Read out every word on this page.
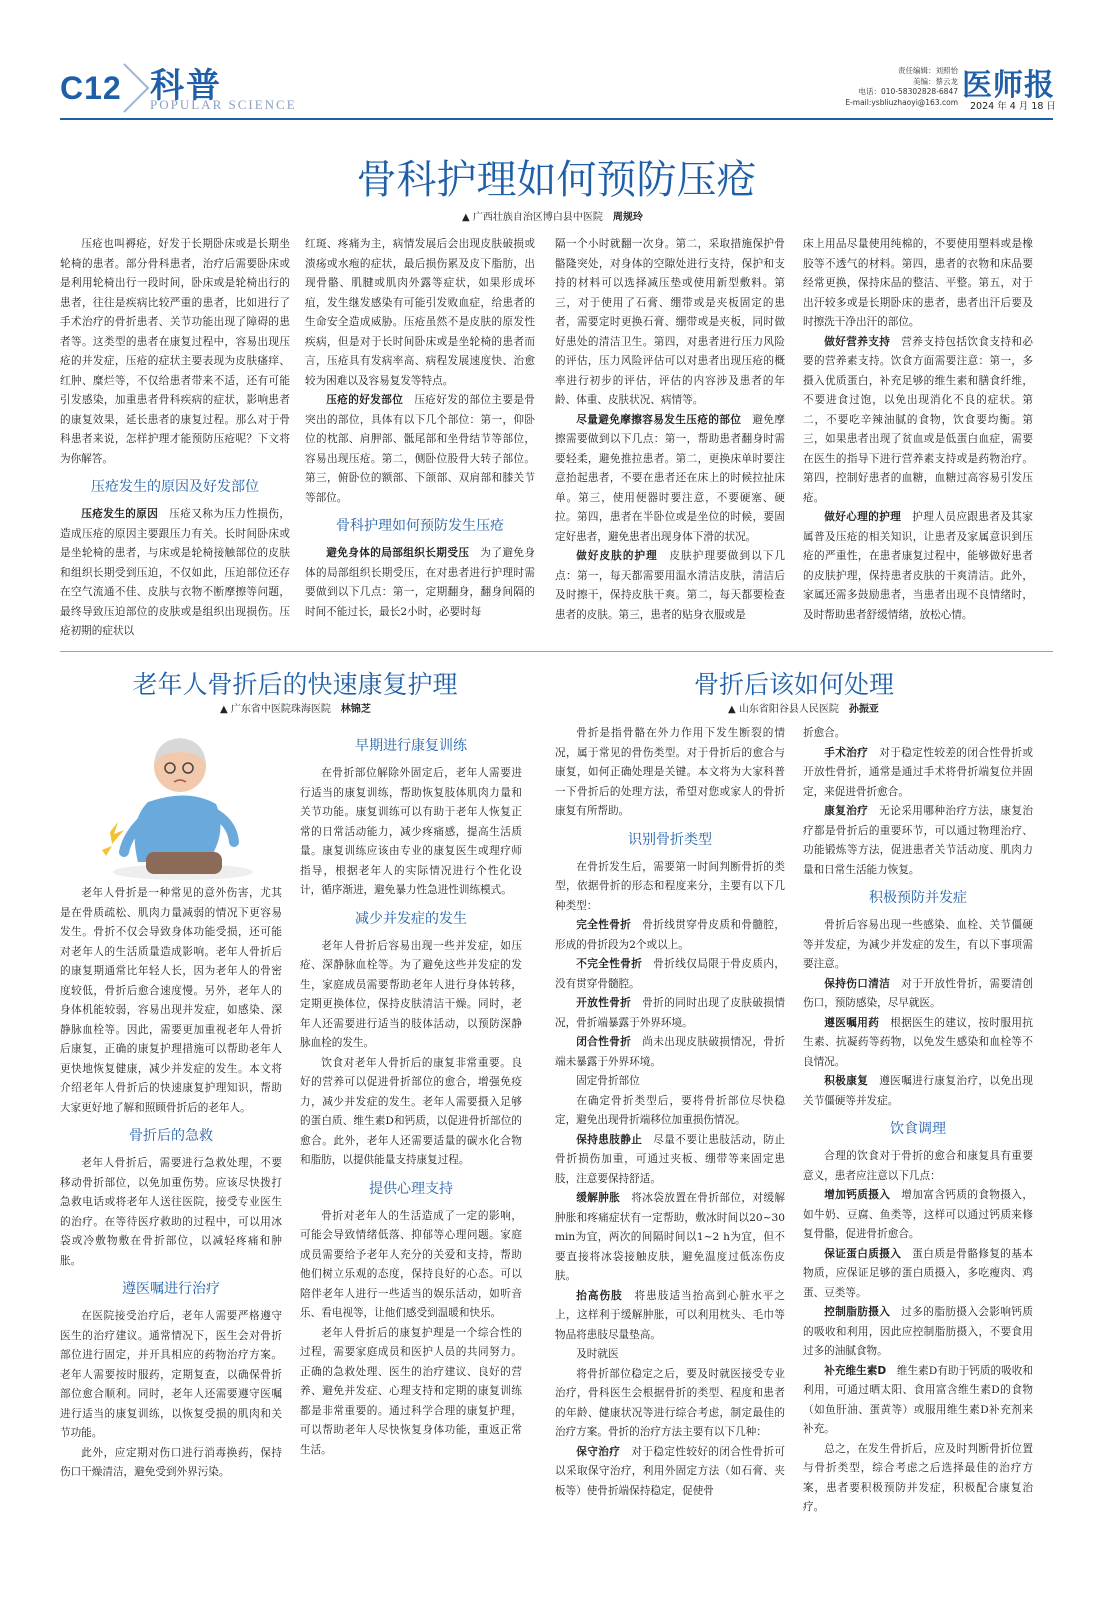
C12 科普
POPULAR SCIENCE
责任编辑：刘照怡
美编：蔡云龙
电话：010-58302828-6847
E-mail:ysbliuzhaoyi@163.com 医师报
2024 年 4 月 18 日
骨科护理如何预防压疮
▲ 广西壮族自治区博白县中医院　 周规玲

压疮也叫褥疮，好发于长期卧床或是长期坐轮椅的患者。部分骨科患者，治疗后需要卧床或是利用轮椅出行一段时间，卧床或是轮椅出行的患者，往往是疾病比较严重的患者，比如进行了手术治疗的骨折患者、关节功能出现了障碍的患者等。这类型的患者在康复过程中，容易出现压疮的并发症，压疮的症状主要表现为皮肤瘙痒、红肿、糜烂等，不仅给患者带来不适，还有可能引发感染，加重患者骨科疾病的症状，影响患者的康复效果，延长患者的康复过程。那么对于骨科患者来说，怎样护理才能预防压疮呢？下文将为你解答。

压疮发生的原因及好发部位

压疮发生的原因　 压疮又称为压力性损伤，造成压疮的原因主要跟压力有关。长时间卧床或是坐轮椅的患者，与床或是轮椅接触部位的皮肤和组织长期受到压迫，不仅如此，压迫部位还存在空气流通不佳、皮肤与衣物不断摩擦等问题，最终导致压迫部位的皮肤或是组织出现损伤。压疮初期的症状以

红斑、疼痛为主，病情发展后会出现皮肤破损或溃疡或水疱的症状，最后损伤累及皮下脂肪，出现骨骼、肌腱或肌肉外露等症状，如果形成坏疽，发生继发感染有可能引发败血症，给患者的生命安全造成威胁。压疮虽然不是皮肤的原发性疾病，但是对于长时间卧床或是坐轮椅的患者而言，压疮具有发病率高、病程发展速度快、治愈较为困难以及容易复发等特点。

压疮的好发部位　 压疮好发的部位主要是骨突出的部位，具体有以下几个部位：第一，仰卧位的枕部、肩胛部、骶尾部和坐骨结节等部位，容易出现压疮。第二，侧卧位股骨大转子部位。第三，俯卧位的额部、下颌部、双肩部和膝关节等部位。

骨科护理如何预防发生压疮

避免身体的局部组织长期受压　 为了避免身体的局部组织长期受压，在对患者进行护理时需要做到以下几点：第一，定期翻身，翻身间隔的时间不能过长，最长2小时，必要时每

隔一个小时就翻一次身。第二，采取措施保护骨骼隆突处，对身体的空隙处进行支持，保护和支持的材料可以选择减压垫或使用新型敷料。第三，对于使用了石膏、绷带或是夹板固定的患者，需要定时更换石膏、绷带或是夹板，同时做好患处的清洁卫生。第四，对患者进行压力风险的评估，压力风险评估可以对患者出现压疮的概率进行初步的评估，评估的内容涉及患者的年龄、体重、皮肤状况、病情等。

尽量避免摩擦容易发生压疮的部位　 避免摩擦需要做到以下几点：第一，帮助患者翻身时需要轻柔，避免推拉患者。第二，更换床单时要注意抬起患者，不要在患者还在床上的时候拉扯床单。第三，使用便器时要注意，不要硬塞、硬拉。第四，患者在半卧位或是坐位的时候，要固定好患者，避免患者出现身体下滑的状况。

做好皮肤的护理　 皮肤护理要做到以下几点：第一，每天都需要用温水清洁皮肤，清洁后及时擦干，保持皮肤干爽。第二，每天都要检查患者的皮肤。第三，患者的贴身衣服或是

床上用品尽量使用纯棉的，不要使用塑料或是橡胶等不透气的材料。第四，患者的衣物和床品要经常更换，保持床品的整洁、平整。第五，对于出汗较多或是长期卧床的患者，患者出汗后要及时擦洗干净出汗的部位。

做好营养支持　 营养支持包括饮食支持和必要的营养素支持。饮食方面需要注意：第一，多摄入优质蛋白，补充足够的维生素和膳食纤维，不要进食过饱，以免出现消化不良的症状。第二，不要吃辛辣油腻的食物，饮食要均衡。第三，如果患者出现了贫血或是低蛋白血症，需要在医生的指导下进行营养素支持或是药物治疗。第四，控制好患者的血糖，血糖过高容易引发压疮。

做好心理的护理　 护理人员应跟患者及其家属普及压疮的相关知识，让患者及家属意识到压疮的严重性，在患者康复过程中，能够做好患者的皮肤护理，保持患者皮肤的干爽清洁。此外，家属还需多鼓励患者，当患者出现不良情绪时，及时帮助患者舒缓情绪，放松心情。

老年人骨折后的快速康复护理
▲ 广东省中医院珠海医院　 林锦芝

老年人骨折是一种常见的意外伤害，尤其是在骨质疏松、肌肉力量减弱的情况下更容易发生。骨折不仅会导致身体功能受损，还可能对老年人的生活质量造成影响。老年人骨折后的康复期通常比年轻人长，因为老年人的骨密度较低，骨折后愈合速度慢。另外，老年人的身体机能较弱，容易出现并发症，如感染、深静脉血栓等。因此，需要更加重视老年人骨折后康复，正确的康复护理措施可以帮助老年人更快地恢复健康，减少并发症的发生。本文将介绍老年人骨折后的快速康复护理知识，帮助大家更好地了解和照顾骨折后的老年人。

骨折后的急救

老年人骨折后，需要进行急救处理，不要移动骨折部位，以免加重伤势。应该尽快拨打急救电话或将老年人送往医院，接受专业医生的治疗。在等待医疗救助的过程中，可以用冰袋或冷敷物敷在骨折部位，以减轻疼痛和肿胀。

遵医嘱进行治疗

在医院接受治疗后，老年人需要严格遵守医生的治疗建议。通常情况下，医生会对骨折部位进行固定，并开具相应的药物治疗方案。老年人需要按时服药，定期复查，以确保骨折部位愈合顺利。同时，老年人还需要遵守医嘱进行适当的康复训练，以恢复受损的肌肉和关节功能。

此外，应定期对伤口进行消毒换药，保持伤口干燥清洁，避免受到外界污染。

早期进行康复训练

在骨折部位解除外固定后，老年人需要进行适当的康复训练，帮助恢复肢体肌肉力量和关节功能。康复训练可以有助于老年人恢复正常的日常活动能力，减少疼痛感，提高生活质量。康复训练应该由专业的康复医生或理疗师指导，根据老年人的实际情况进行个性化设计，循序渐进，避免暴力性急进性训练模式。

减少并发症的发生

老年人骨折后容易出现一些并发症，如压疮、深静脉血栓等。为了避免这些并发症的发生，家庭成员需要帮助老年人进行身体转移，定期更换体位，保持皮肤清洁干燥。同时，老年人还需要进行适当的肢体活动，以预防深静脉血栓的发生。

饮食对老年人骨折后的康复非常重要。良好的营养可以促进骨折部位的愈合，增强免疫力，减少并发症的发生。老年人需要摄入足够的蛋白质、维生素D和钙质，以促进骨折部位的愈合。此外，老年人还需要适量的碳水化合物和脂肪，以提供能量支持康复过程。

提供心理支持

骨折对老年人的生活造成了一定的影响，可能会导致情绪低落、抑郁等心理问题。家庭成员需要给予老年人充分的关爱和支持，帮助他们树立乐观的态度，保持良好的心态。可以陪伴老年人进行一些适当的娱乐活动，如听音乐、看电视等，让他们感受到温暖和快乐。

老年人骨折后的康复护理是一个综合性的过程，需要家庭成员和医护人员的共同努力。正确的急救处理、医生的治疗建议、良好的营养、避免并发症、心理支持和定期的康复训练都是非常重要的。通过科学合理的康复护理，可以帮助老年人尽快恢复身体功能，重返正常生活。

骨折后该如何处理
▲ 山东省阳谷县人民医院　 孙振亚

骨折是指骨骼在外力作用下发生断裂的情况，属于常见的骨伤类型。对于骨折后的愈合与康复，如何正确处理是关键。本文将为大家科普一下骨折后的处理方法，希望对您或家人的骨折康复有所帮助。

识别骨折类型

在骨折发生后，需要第一时间判断骨折的类型，依据骨折的形态和程度来分，主要有以下几种类型：

完全性骨折　 骨折线贯穿骨皮质和骨髓腔，形成的骨折段为2个或以上。

不完全性骨折　 骨折线仅局限于骨皮质内，没有贯穿骨髓腔。

开放性骨折　 骨折的同时出现了皮肤破损情况，骨折端暴露于外界环境。

闭合性骨折　 尚未出现皮肤破损情况，骨折端未暴露于外界环境。

固定骨折部位

在确定骨折类型后，要将骨折部位尽快稳定，避免出现骨折端移位加重损伤情况。

保持患肢静止　 尽量不要让患肢活动，防止骨折损伤加重，可通过夹板、绷带等来固定患肢，注意要保持舒适。

缓解肿胀　 将冰袋放置在骨折部位，对缓解肿胀和疼痛症状有一定帮助，敷冰时间以20~30 min为宜，两次的间隔时间以1~2 h为宜，但不要直接将冰袋接触皮肤，避免温度过低冻伤皮肤。

抬高伤肢　 将患肢适当抬高到心脏水平之上，这样利于缓解肿胀，可以利用枕头、毛巾等物品将患肢尽量垫高。

及时就医

将骨折部位稳定之后，要及时就医接受专业治疗，骨科医生会根据骨折的类型、程度和患者的年龄、健康状况等进行综合考虑，制定最佳的治疗方案。骨折的治疗方法主要有以下几种：

保守治疗　 对于稳定性较好的闭合性骨折可以采取保守治疗，利用外固定方法（如石膏、夹板等）使骨折端保持稳定，促使骨

折愈合。

手术治疗　 对于稳定性较差的闭合性骨折或开放性骨折，通常是通过手术将骨折端复位并固定，来促进骨折愈合。

康复治疗　 无论采用哪种治疗方法，康复治疗都是骨折后的重要环节，可以通过物理治疗、功能锻炼等方法，促进患者关节活动度、肌肉力量和日常生活能力恢复。

积极预防并发症

骨折后容易出现一些感染、血栓、关节僵硬等并发症，为减少并发症的发生，有以下事项需要注意。

保持伤口清洁　 对于开放性骨折，需要清创伤口，预防感染，尽早就医。

遵医嘱用药　 根据医生的建议，按时服用抗生素、抗凝药等药物，以免发生感染和血栓等不良情况。

积极康复　 遵医嘱进行康复治疗，以免出现关节僵硬等并发症。

饮食调理

合理的饮食对于骨折的愈合和康复具有重要意义，患者应注意以下几点：

增加钙质摄入　 增加富含钙质的食物摄入，如牛奶、豆腐、鱼类等，这样可以通过钙质来修复骨骼，促进骨折愈合。

保证蛋白质摄入　 蛋白质是骨骼修复的基本物质，应保证足够的蛋白质摄入，多吃瘦肉、鸡蛋、豆类等。

控制脂肪摄入　 过多的脂肪摄入会影响钙质的吸收和利用，因此应控制脂肪摄入，不要食用过多的油腻食物。

补充维生素D　 维生素D有助于钙质的吸收和利用，可通过晒太阳、食用富含维生素D的食物（如鱼肝油、蛋黄等）或服用维生素D补充剂来补充。

总之，在发生骨折后，应及时判断骨折位置与骨折类型，综合考虑之后选择最佳的治疗方案，患者要积极预防并发症，积极配合康复治疗。
